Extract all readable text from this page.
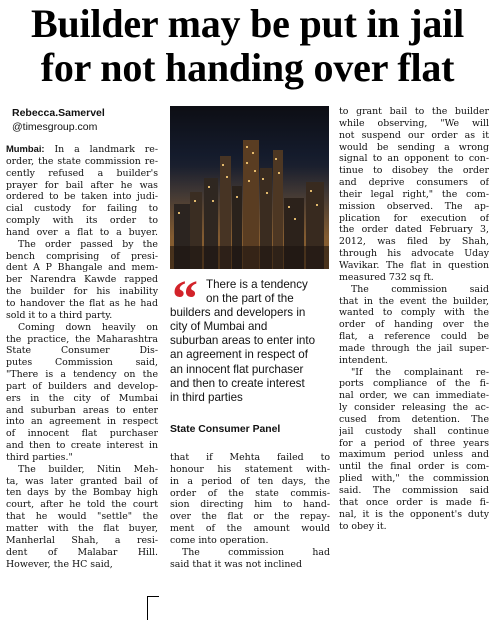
Builder may be put in jail
for not handing over flat
Rebecca.Samervel
@timesgroup.com
Mumbai: In a landmark re-
order, the state commission re-
cently refused a builder's
prayer for bail after he was
ordered to be taken into judi-
cial custody for failing to
comply with its order to
hand over a flat to a buyer.
The order passed by the
bench comprising of presi-
dent A P Bhangale and mem-
ber Narendra Kawde rapped
the builder for his inability
to handover the flat as he had
sold it to a third party.
Coming down heavily on
the practice, the Maharashtra
State Consumer Dis-
putes Commission said,
"There is a tendency on the
part of builders and develop-
ers in the city of Mumbai
and suburban areas to enter
into an agreement in respect
of innocent flat purchaser
and then to create interest in
third parties."
The builder, Nitin Meh-
ta, was later granted bail of
ten days by the Bombay high
court, after he told the court
that he would "settle" the
matter with the flat buyer,
Manherlal Shah, a resi-
dent of Malabar Hill.
However, the HC said,
“ There is a tendency
on the part of the
builders and developers in
city of Mumbai and
suburban areas to enter into
an agreement in respect of
an innocent flat purchaser
and then to create interest
in third parties
State Consumer Panel
that if Mehta failed to
honour his statement with-
in a period of ten days, the
order of the state commis-
sion directing him to hand-
over the flat or the repay-
ment of the amount would
come into operation.
The commission had
said that it was not inclined
to grant bail to the builder
while observing, "We will
not suspend our order as it
would be sending a wrong
signal to an opponent to con-
tinue to disobey the order
and deprive consumers of
their legal right," the com-
mission observed. The ap-
plication for execution of
the order dated February 3,
2012, was filed by Shah,
through his advocate Uday
Wavikar. The flat in question
measured 732 sq ft.
The commission said
that in the event the builder,
wanted to comply with the
order of handing over the
flat, a reference could be
made through the jail super-
intendent.
"If the complainant re-
ports compliance of the fi-
nal order, we can immediate-
ly consider releasing the ac-
cused from detention. The
jail custody shall continue
for a period of three years
maximum period unless and
until the final order is com-
plied with," the commission
said. The commission said
that once order is made fi-
nal, it is the opponent's duty
to obey it.
